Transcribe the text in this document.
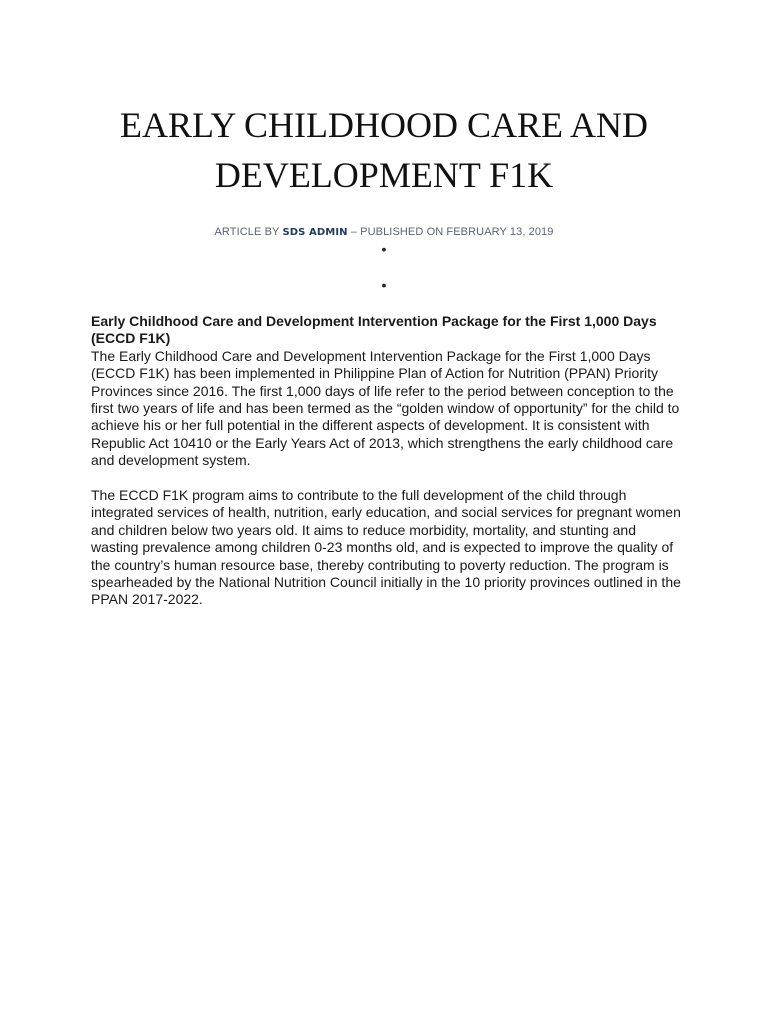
EARLY CHILDHOOD CARE AND DEVELOPMENT F1K
ARTICLE BY SDS ADMIN – PUBLISHED ON FEBRUARY 13, 2019
•
•

Early Childhood Care and Development Intervention Package for the First 1,000 Days (ECCD F1K)

The Early Childhood Care and Development Intervention Package for the First 1,000 Days (ECCD F1K) has been implemented in Philippine Plan of Action for Nutrition (PPAN) Priority Provinces since 2016. The first 1,000 days of life refer to the period between conception to the first two years of life and has been termed as the “golden window of opportunity” for the child to achieve his or her full potential in the different aspects of development. It is consistent with Republic Act 10410 or the Early Years Act of 2013, which strengthens the early childhood care and development system.

The ECCD F1K program aims to contribute to the full development of the child through integrated services of health, nutrition, early education, and social services for pregnant women and children below two years old. It aims to reduce morbidity, mortality, and stunting and wasting prevalence among children 0-23 months old, and is expected to improve the quality of the country’s human resource base, thereby contributing to poverty reduction. The program is spearheaded by the National Nutrition Council initially in the 10 priority provinces outlined in the PPAN 2017-2022.
